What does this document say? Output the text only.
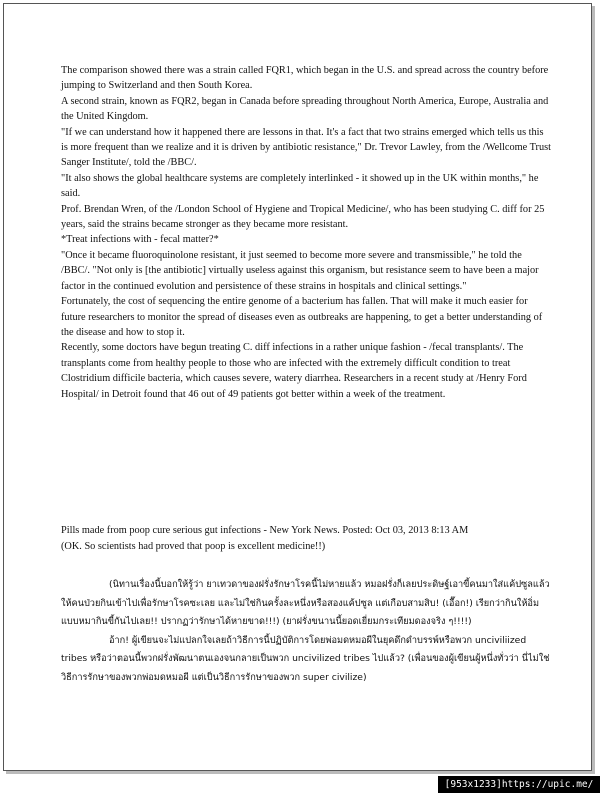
The comparison showed there was a strain called FQR1, which began in the U.S. and spread across the country before jumping to Switzerland and then South Korea.

A second strain, known as FQR2, began in Canada before spreading throughout North America, Europe, Australia and the United Kingdom.

"If we can understand how it happened there are lessons in that. It's a fact that two strains emerged which tells us this is more frequent than we realize and it is driven by antibiotic resistance," Dr. Trevor Lawley, from the /Wellcome Trust Sanger Institute/, told the /BBC/.

"It also shows the global healthcare systems are completely interlinked - it showed up in the UK within months," he said.

Prof. Brendan Wren, of the /London School of Hygiene and Tropical Medicine/, who has been studying C. diff for 25 years, said the strains became stronger as they became more resistant.

*Treat infections with - fecal matter?*

"Once it became fluoroquinolone resistant, it just seemed to become more severe and transmissible," he told the /BBC/. "Not only is [the antibiotic] virtually useless against this organism, but resistance seem to have been a major factor in the continued evolution and persistence of these strains in hospitals and clinical settings."

Fortunately, the cost of sequencing the entire genome of a bacterium has fallen. That will make it much easier for future researchers to monitor the spread of diseases even as outbreaks are happening, to get a better understanding of the disease and how to stop it.

Recently, some doctors have begun treating C. diff infections in a rather unique fashion - /fecal transplants/. The transplants come from healthy people to those who are infected with the extremely difficult condition to treat Clostridium difficile bacteria, which causes severe, watery diarrhea. Researchers in a recent study at /Henry Ford Hospital/ in Detroit found that 46 out of 49 patients got better within a week of the treatment.

Pills made from poop cure serious gut infections - New York News. Posted: Oct 03, 2013 8:13 AM

(OK. So scientists had proved that poop is excellent medicine!!)

(นิทานเรื่องนี้บอกให้รู้ว่า ยาเทวดาของฝรั่งรักษาโรคนี้ไม่หายแล้ว หมอฝรั่งก็เลยประดิษฐ์เอาขี้คนมาใส่แค้ปซูลแล้วให้คนป่วยกินเข้าไปเพื่อรักษาโรคซะเลย และไม่ใช่กินครั้งละหนึ่งหรือสองแค้ปซูล แต่เกือบสามสิบ! (เอื๊อก!) เรียกว่ากินให้อิ่มแบบหมากินขี้กันไปเลย!! ปรากฏว่ารักษาได้หายขาด!!!) (ยาฝรั่งขนานนี้ยอดเยี่ยมกระเทียมดองจริง ๆ!!!!)

อ้าก! ผู้เขียนจะไม่แปลกใจเลยถ้าวิธีการนี้ปฏิบัติการโดยพ่อมดหมอผีในยุคดึกดำบรรพ์หรือพวก unciviliized tribes หรือว่าตอนนี้พวกฝรั่งพัฒนาตนเองจนกลายเป็นพวก uncivilized tribes ไปแล้ว? (เพื่อนของผู้เขียนผู้หนึ่งทั่วว่า นี่ไม่ใช่วิธีการรักษาของพวกพ่อมดหมอผี แต่เป็นวิธีการรักษาของพวก super civilize)

[953x1233]https://upic.me/
